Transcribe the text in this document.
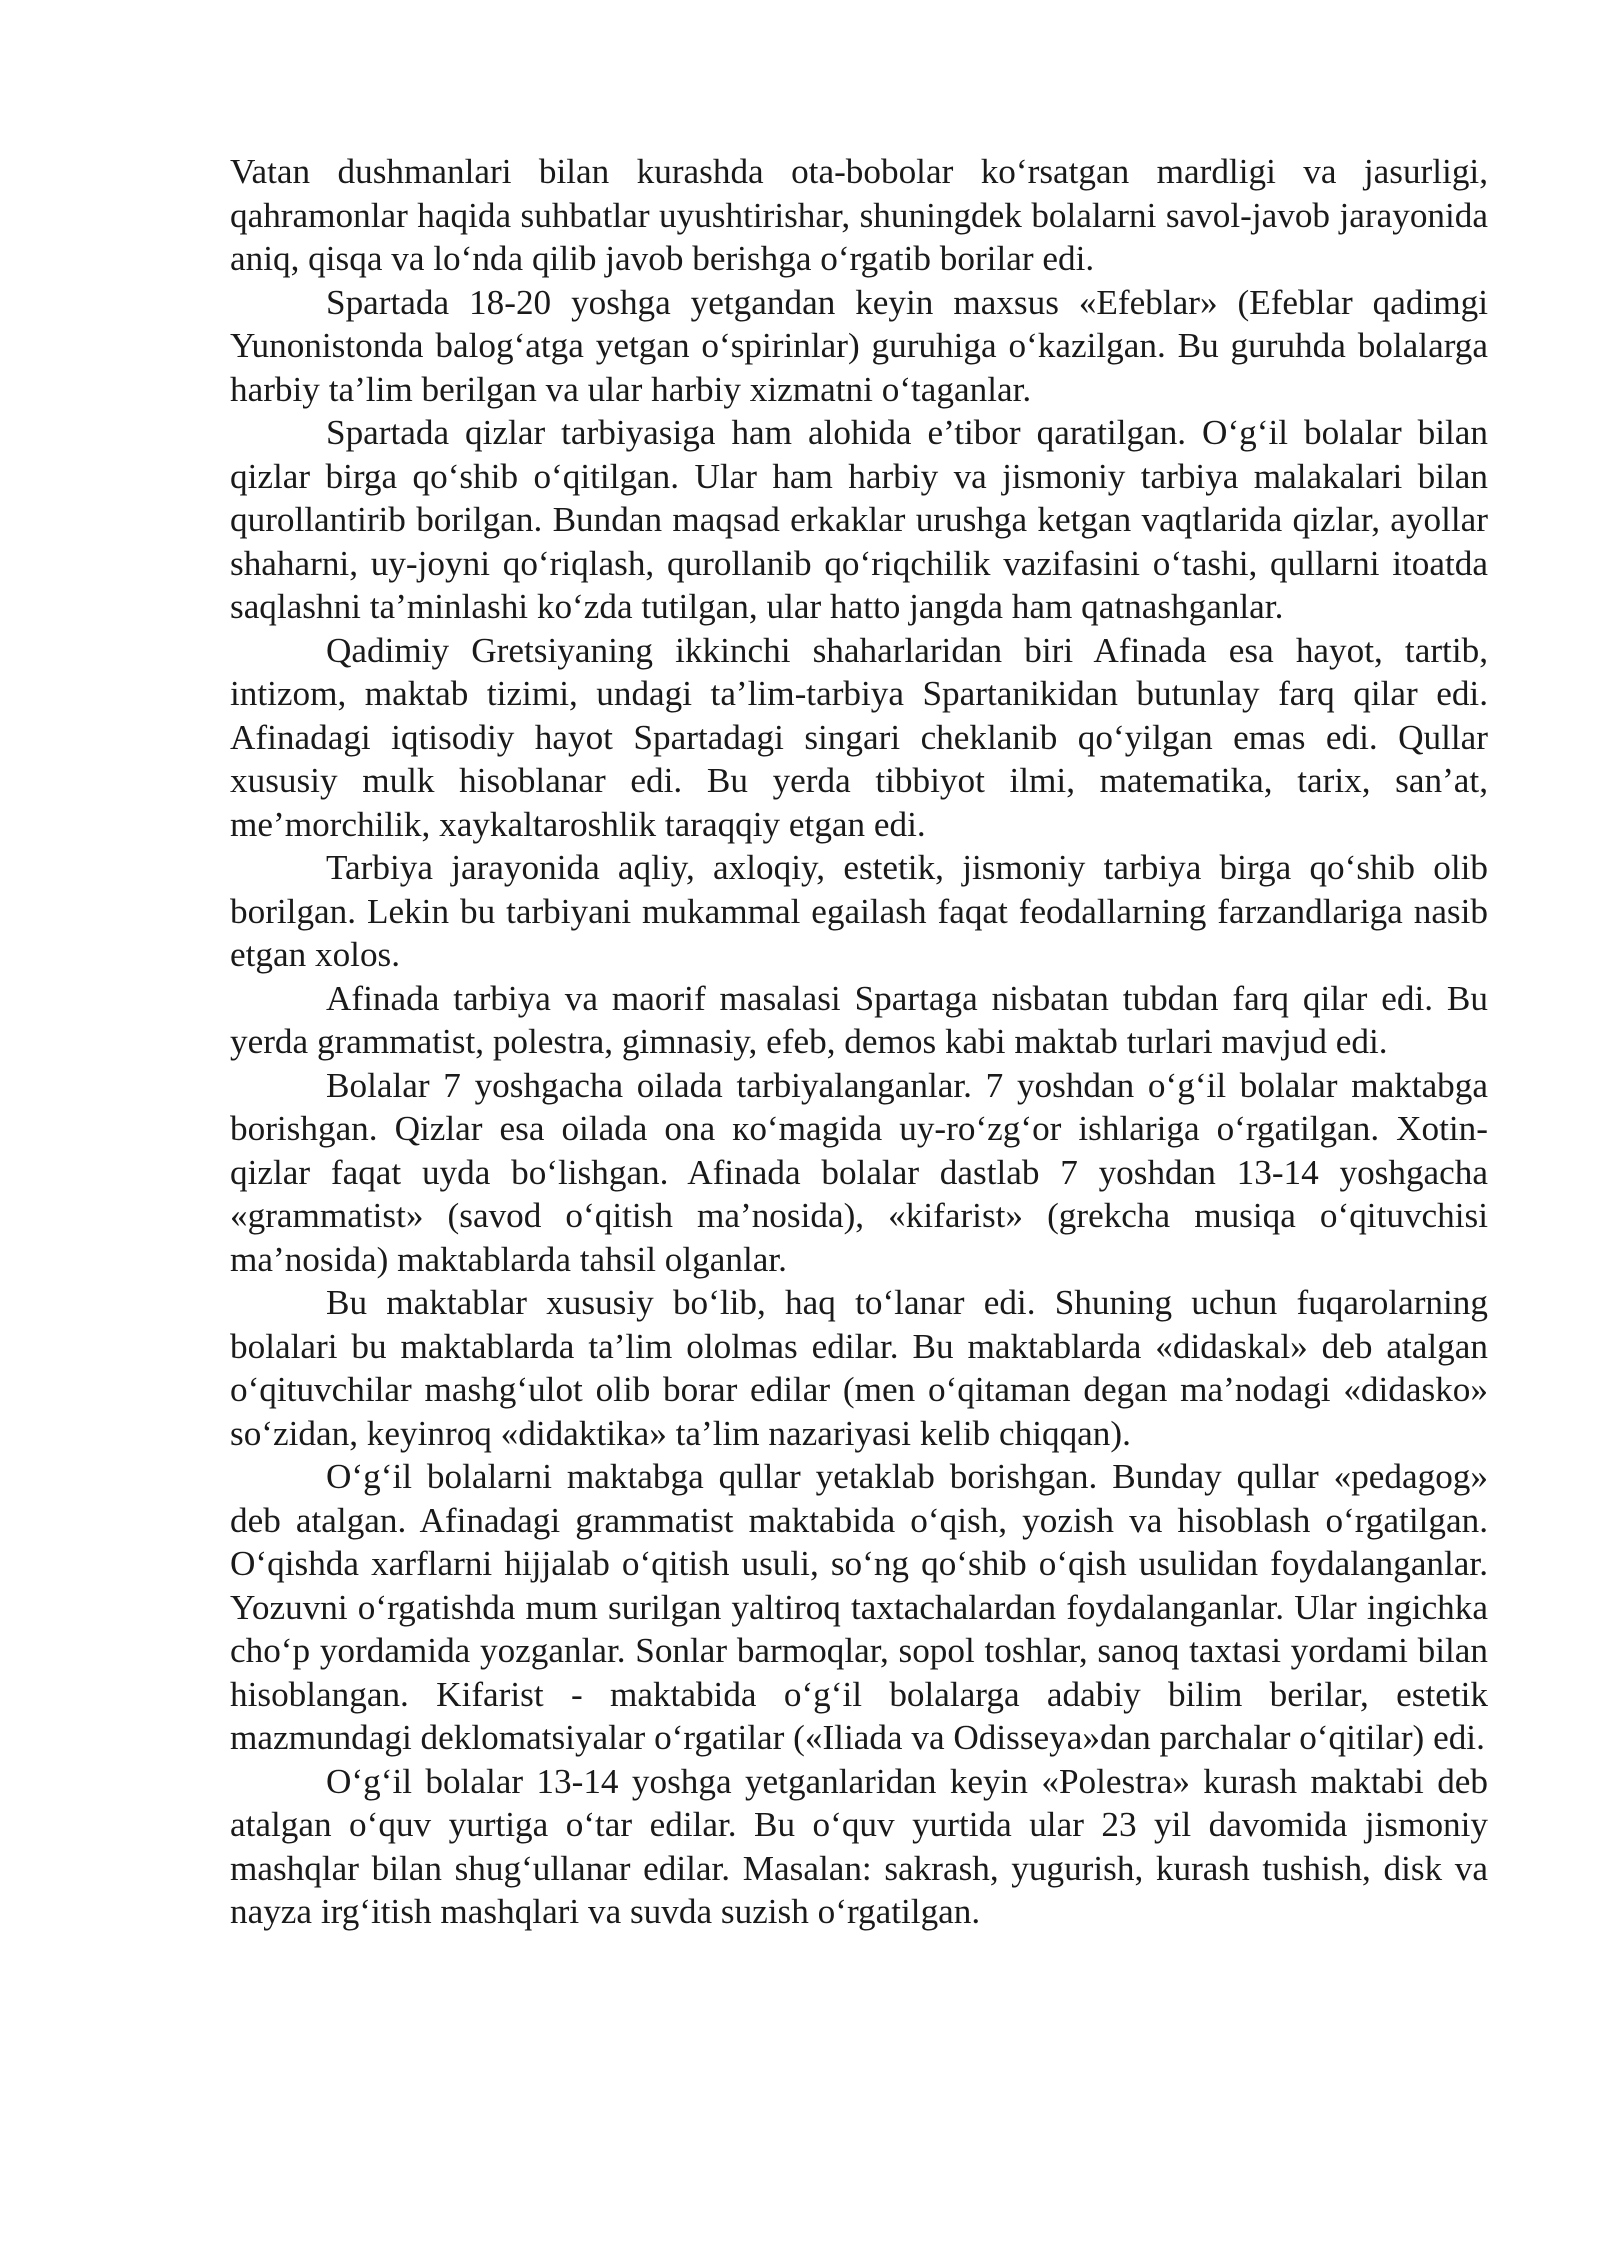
Vatan dushmanlari bilan kurashda ota-bobolar ko‘rsatgan mardligi va jasurligi, qahramonlar haqida suhbatlar uyushtirishar, shuningdek bolalarni savol-javob jarayonida aniq, qisqa va lo‘nda qilib javob berishga o‘rgatib borilar edi.

Spartada 18-20 yoshga yetgandan keyin maxsus «Efeblar» (Efeblar qadimgi Yunonistonda balog‘atga yetgan o‘spirinlar) guruhiga o‘kazilgan. Bu guruhda bolalarga harbiy ta’lim berilgan va ular harbiy xizmatni o‘taganlar.

Spartada qizlar tarbiyasiga ham alohida e’tibor qaratilgan. O‘g‘il bolalar bilan qizlar birga qo‘shib o‘qitilgan. Ular ham harbiy va jismoniy tarbiya malakalari bilan qurollantirib borilgan. Bundan maqsad erkaklar urushga ketgan vaqtlarida qizlar, ayollar shaharni, uy-joyni qo‘riqlash, qurollanib qo‘riqchilik vazifasini o‘tashi, qullarni itoatda saqlashni ta’minlashi ko‘zda tutilgan, ular hatto jangda ham qatnashganlar.

Qadimiy Gretsiyaning ikkinchi shaharlaridan biri Afinada esa hayot, tartib, intizom, maktab tizimi, undagi ta’lim-tarbiya Spartanikidan butunlay farq qilar edi. Afinadagi iqtisodiy hayot Spartadagi singari cheklanib qo‘yilgan emas edi. Qullar xususiy mulk hisoblanar edi. Bu yerda tibbiyot ilmi, matematika, tarix, san’at, me’morchilik, xaykaltaroshlik taraqqiy etgan edi.

Tarbiya jarayonida aqliy, axloqiy, estetik, jismoniy tarbiya birga qo‘shib olib borilgan. Lekin bu tarbiyani mukammal egailash faqat feodallarning farzandlariga nasib etgan xolos.

Afinada tarbiya va maorif masalasi Spartaga nisbatan tubdan farq qilar edi. Bu yerda grammatist, polestra, gimnasiy, efeb, demos kabi maktab turlari mavjud edi.

Bolalar 7 yoshgacha oilada tarbiyalanganlar. 7 yoshdan o‘g‘il bolalar maktabga borishgan. Qizlar esa oilada ona кo‘magida uy-ro‘zg‘or ishlariga o‘rgatilgan. Xotin-qizlar faqat uyda bo‘lishgan. Afinada bolalar dastlab 7 yoshdan 13-14 yoshgacha «grammatist» (savod o‘qitish ma’nosida), «kifarist» (grekcha musiqa o‘qituvchisi ma’nosida) maktablarda tahsil olganlar.

Bu maktablar xususiy bo‘lib, haq to‘lanar edi. Shuning uchun fuqarolarning bolalari bu maktablarda ta’lim ololmas edilar. Bu maktablarda «didaskal» deb atalgan o‘qituvchilar mashg‘ulot olib borar edilar (men o‘qitaman degan ma’nodagi «didasko» so‘zidan, keyinroq «didaktika» ta’lim nazariyasi kelib chiqqan).

O‘g‘il bolalarni maktabga qullar yetaklab borishgan. Bunday qullar «pedagog» deb atalgan. Afinadagi grammatist maktabida o‘qish, yozish va hisoblash o‘rgatilgan. O‘qishda xarflarni hijjalab o‘qitish usuli, so‘ng qo‘shib o‘qish usulidan foydalanganlar. Yozuvni o‘rgatishda mum surilgan yaltiroq taxtachalardan foydalanganlar. Ular ingichka cho‘p yordamida yozganlar. Sonlar barmoqlar, sopol toshlar, sanoq taxtasi yordami bilan hisoblangan. Kifarist - maktabida o‘g‘il bolalarga adabiy bilim berilar, estetik mazmundagi deklomatsiyalar o‘rgatilar («Iliada va Odisseya»dan parchalar o‘qitilar) edi.

O‘g‘il bolalar 13-14 yoshga yetganlaridan keyin «Polestra» kurash maktabi deb atalgan o‘quv yurtiga o‘tar edilar. Bu o‘quv yurtida ular 23 yil davomida jismoniy mashqlar bilan shug‘ullanar edilar. Masalan: sakrash, yugurish, kurash tushish, disk va nayza irg‘itish mashqlari va suvda suzish o‘rgatilgan.
